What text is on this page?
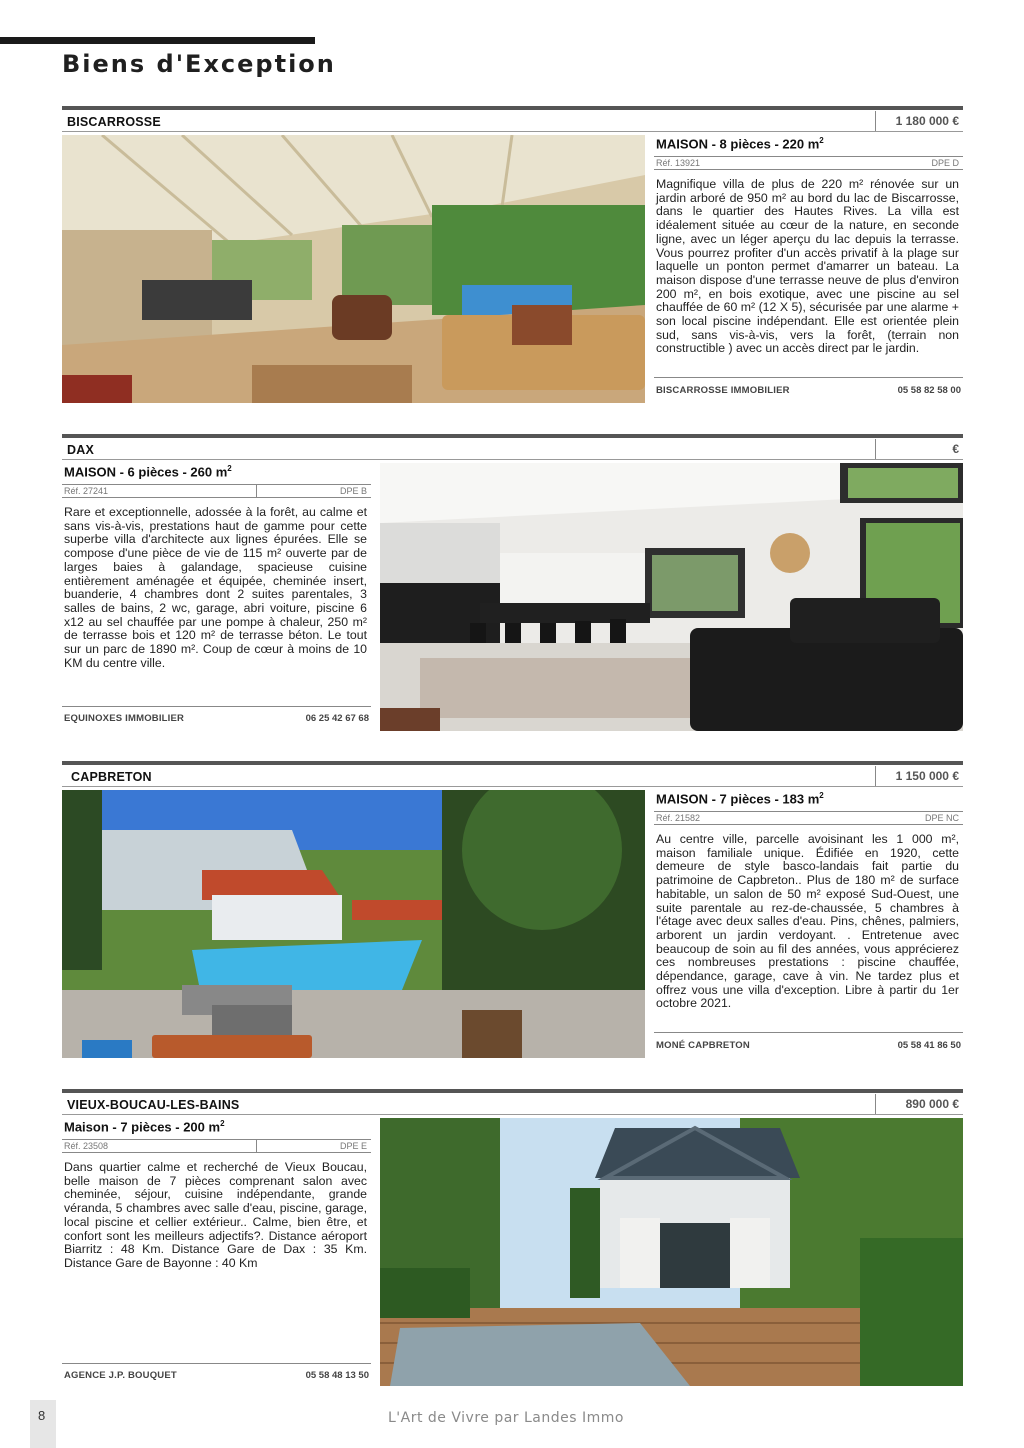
Biens d'Exception
BISCARROSSE	1 180 000 €
MAISON - 8 pièces - 220 $m^2$
Réf. 13921	DPE D
Magnifique villa de plus de 220 m² rénovée sur un jardin arboré de 950 m² au bord du lac de Biscarrosse, dans le quartier des Hautes Rives. La villa est idéalement située au cœur de la nature, en seconde ligne, avec un léger aperçu du lac depuis la terrasse. Vous pourrez profiter d'un accès privatif à la plage sur laquelle un ponton permet d'amarrer un bateau. La maison dispose d'une terrasse neuve de plus d'environ 200 m², en bois exotique, avec une piscine au sel chauffée de 60 m² (12 X 5), sécurisée par une alarme + son local piscine indépendant. Elle est orientée plein sud, sans vis-à-vis, vers la forêt, (terrain non constructible ) avec un accès direct par le jardin.
BISCARROSSE IMMOBILIER	05 58 82 58 00
DAX	€
MAISON - 6 pièces - 260 $m^2$
Réf. 27241	DPE B
Rare et exceptionnelle, adossée à la forêt, au calme et sans vis-à-vis, prestations haut de gamme pour cette superbe villa d'architecte aux lignes épurées. Elle se compose d'une pièce de vie de 115 m² ouverte par de larges baies à galandage, spacieuse cuisine entièrement aménagée et équipée, cheminée insert, buanderie, 4 chambres dont 2 suites parentales, 3 salles de bains, 2 wc, garage, abri voiture, piscine 6 x12 au sel chauffée par une pompe à chaleur, 250 m² de terrasse bois et 120 m² de terrasse béton. Le tout sur un parc de 1890 m². Coup de cœur à moins de 10 KM du centre ville.
EQUINOXES IMMOBILIER	06 25 42 67 68
CAPBRETON	1 150 000 €
MAISON - 7 pièces - 183 $m^2$
Réf. 21582	DPE NC
Au centre ville, parcelle avoisinant les 1 000 m², maison familiale unique. Édifiée en 1920, cette demeure de style basco-landais fait partie du patrimoine de Capbreton.. Plus de 180 m² de surface habitable, un salon de 50 m² exposé Sud-Ouest, une suite parentale au rez-de-chaussée, 5 chambres à l'étage avec deux salles d'eau. Pins, chênes, palmiers, arborent un jardin verdoyant. . Entretenue avec beaucoup de soin au fil des années, vous apprécierez ces nombreuses prestations : piscine chauffée, dépendance, garage, cave à vin. Ne tardez plus et offrez vous une villa d'exception. Libre à partir du 1er octobre 2021.
MONÉ CAPBRETON	05 58 41 86 50
VIEUX-BOUCAU-LES-BAINS	890 000 €
Maison - 7 pièces - 200 $m^2$
Réf. 23508	DPE E
Dans quartier calme et recherché de Vieux Boucau, belle maison de 7 pièces comprenant salon avec cheminée, séjour, cuisine indépendante, grande véranda, 5 chambres avec salle d'eau, piscine, garage, local piscine et cellier extérieur.. Calme, bien être, et confort sont les meilleurs adjectifs?. Distance aéroport Biarritz : 48 Km. Distance Gare de Dax : 35 Km. Distance Gare de Bayonne : 40 Km
AGENCE J.P. BOUQUET	05 58 48 13 50
8	L'Art de Vivre par Landes Immo
